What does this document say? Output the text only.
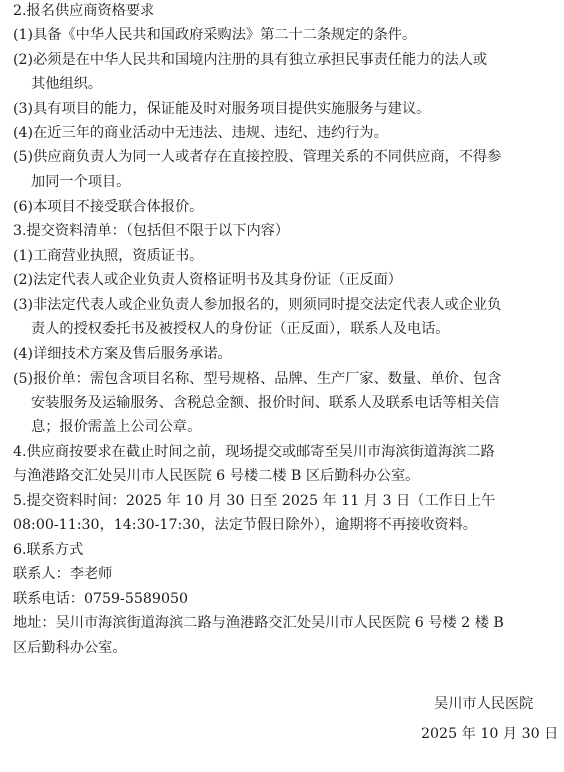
2.报名供应商资格要求
(1)具备《中华人民共和国政府采购法》第二十二条规定的条件。
(2)必须是在中华人民共和国境内注册的具有独立承担民事责任能力的法人或
其他组织。
(3)具有项目的能力，保证能及时对服务项目提供实施服务与建议。
(4)在近三年的商业活动中无违法、违规、违纪、违约行为。
(5)供应商负责人为同一人或者存在直接控股、管理关系的不同供应商，不得参
加同一个项目。
(6)本项目不接受联合体报价。
3.提交资料清单：（包括但不限于以下内容）
(1)工商营业执照，资质证书。
(2)法定代表人或企业负责人资格证明书及其身份证（正反面）
(3)非法定代表人或企业负责人参加报名的，则须同时提交法定代表人或企业负
责人的授权委托书及被授权人的身份证（正反面），联系人及电话。
(4)详细技术方案及售后服务承诺。
(5)报价单：需包含项目名称、型号规格、品牌、生产厂家、数量、单价、包含
安装服务及运输服务、含税总金额、报价时间、联系人及联系电话等相关信
息；报价需盖上公司公章。
4.供应商按要求在截止时间之前，现场提交或邮寄至吴川市海滨街道海滨二路
与渔港路交汇处吴川市人民医院 6 号楼二楼 B 区后勤科办公室。
5.提交资料时间：2025 年 10 月 30 日至 2025 年 11 月 3 日（工作日上午
08:00-11:30，14:30-17:30，法定节假日除外），逾期将不再接收资料。
6.联系方式
联系人：李老师
联系电话：0759-5589050
地址：吴川市海滨街道海滨二路与渔港路交汇处吴川市人民医院 6 号楼 2 楼 B
区后勤科办公室。
吴川市人民医院
2025 年 10 月 30 日
